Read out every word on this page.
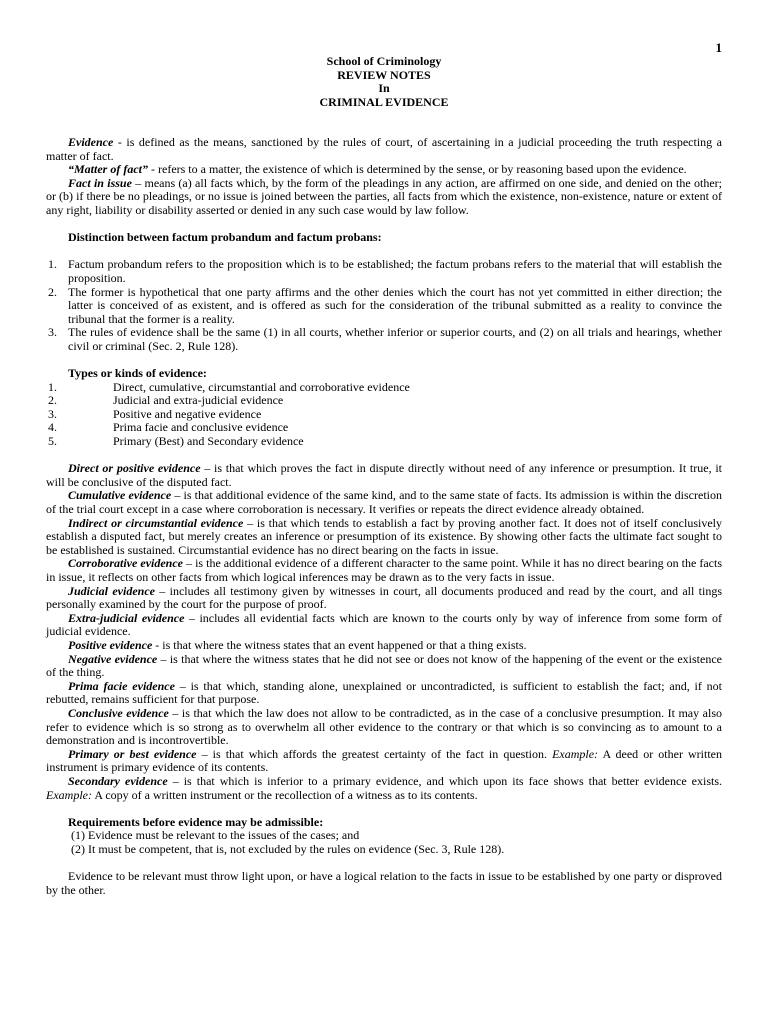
1
School of Criminology
REVIEW NOTES
In
CRIMINAL EVIDENCE
Evidence - is defined as the means, sanctioned by the rules of court, of ascertaining in a judicial proceeding the truth respecting a matter of fact.
“Matter of fact” - refers to a matter, the existence of which is determined by the sense, or by reasoning based upon the evidence.
Fact in issue – means (a) all facts which, by the form of the pleadings in any action, are affirmed on one side, and denied on the other; or (b) if there be no pleadings, or no issue is joined between the parties, all facts from which the existence, non-existence, nature or extent of any right, liability or disability asserted or denied in any such case would by law follow.
Distinction between factum probandum and factum probans:
1. Factum probandum refers to the proposition which is to be established; the factum probans refers to the material that will establish the proposition.
2. The former is hypothetical that one party affirms and the other denies which the court has not yet committed in either direction; the latter is conceived of as existent, and is offered as such for the consideration of the tribunal submitted as a reality to convince the tribunal that the former is a reality.
3. The rules of evidence shall be the same (1) in all courts, whether inferior or superior courts, and (2) on all trials and hearings, whether civil or criminal (Sec. 2, Rule 128).
Types or kinds of evidence:
1.	Direct, cumulative, circumstantial and corroborative evidence
2.	Judicial and extra-judicial evidence
3.	Positive and negative evidence
4.	Prima facie and conclusive evidence
5.	Primary (Best) and Secondary evidence
Direct or positive evidence – is that which proves the fact in dispute directly without need of any inference or presumption. It true, it will be conclusive of the disputed fact.
Cumulative evidence – is that additional evidence of the same kind, and to the same state of facts. Its admission is within the discretion of the trial court except in a case where corroboration is necessary. It verifies or repeats the direct evidence already obtained.
Indirect or circumstantial evidence – is that which tends to establish a fact by proving another fact. It does not of itself conclusively establish a disputed fact, but merely creates an inference or presumption of its existence. By showing other facts the ultimate fact sought to be established is sustained. Circumstantial evidence has no direct bearing on the facts in issue.
Corroborative evidence – is the additional evidence of a different character to the same point. While it has no direct bearing on the facts in issue, it reflects on other facts from which logical inferences may be drawn as to the very facts in issue.
Judicial evidence – includes all testimony given by witnesses in court, all documents produced and read by the court, and all tings personally examined by the court for the purpose of proof.
Extra-judicial evidence – includes all evidential facts which are known to the courts only by way of inference from some form of judicial evidence.
Positive evidence - is that where the witness states that an event happened or that a thing exists.
Negative evidence – is that where the witness states that he did not see or does not know of the happening of the event or the existence of the thing.
Prima facie evidence – is that which, standing alone, unexplained or uncontradicted, is sufficient to establish the fact; and, if not rebutted, remains sufficient for that purpose.
Conclusive evidence – is that which the law does not allow to be contradicted, as in the case of a conclusive presumption. It may also refer to evidence which is so strong as to overwhelm all other evidence to the contrary or that which is so convincing as to amount to a demonstration and is incontrovertible.
Primary or best evidence – is that which affords the greatest certainty of the fact in question. Example: A deed or other written instrument is primary evidence of its contents.
Secondary evidence – is that which is inferior to a primary evidence, and which upon its face shows that better evidence exists. Example: A copy of a written instrument or the recollection of a witness as to its contents.
Requirements before evidence may be admissible:
(1) Evidence must be relevant to the issues of the cases; and
(2) It must be competent, that is, not excluded by the rules on evidence (Sec. 3, Rule 128).
Evidence to be relevant must throw light upon, or have a logical relation to the facts in issue to be established by one party or disproved by the other.
